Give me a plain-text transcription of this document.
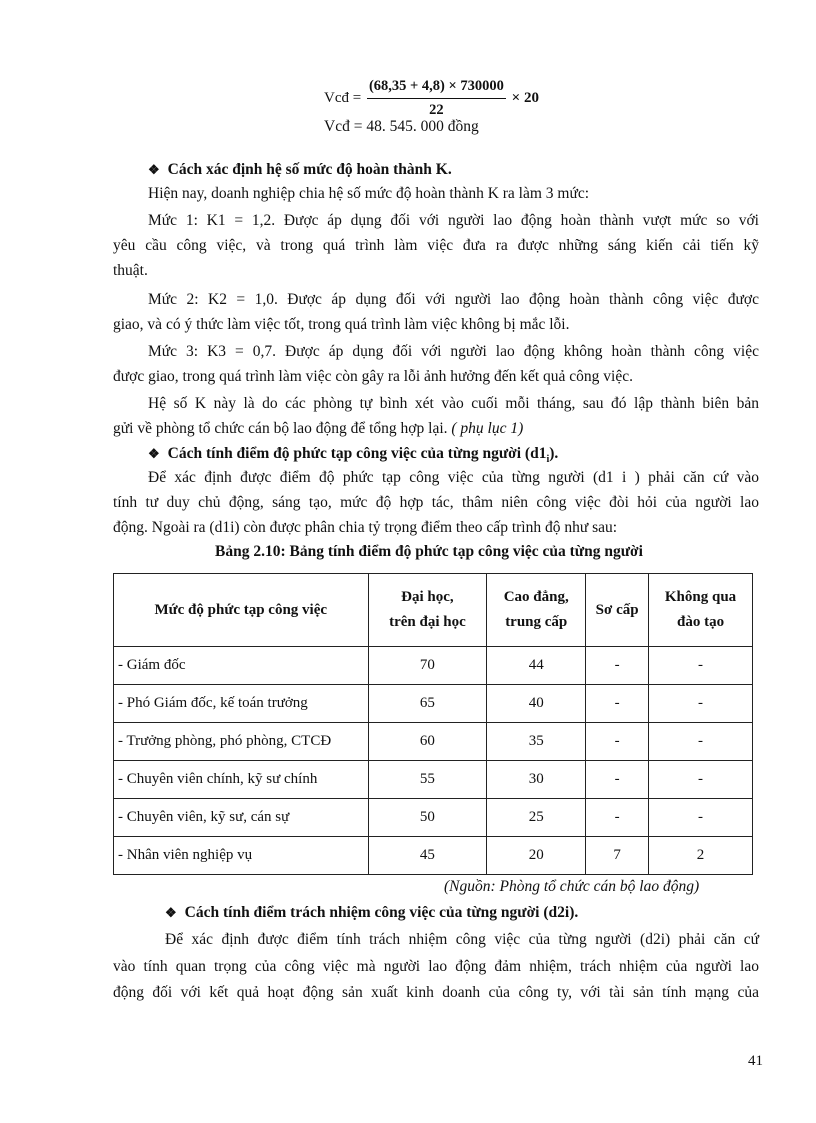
Vcđ = $\frac{(68,35 + 4,8) \times 730000}{22} \times 20$
Vcđ = 48. 545. 000 đồng
❖ Cách xác định hệ số mức độ hoàn thành K.
Hiện nay, doanh nghiệp chia hệ số mức độ hoàn thành K ra làm 3 mức:
Mức 1: K1 = 1,2. Được áp dụng đối với người lao động hoàn thành vượt mức so với
yêu cầu công việc, và trong quá trình làm việc đưa ra được những sáng kiến cải tiến kỹ
thuật.
Mức 2: K2 = 1,0. Được áp dụng đối với người lao động hoàn thành công việc được
giao, và có ý thức làm việc tốt, trong quá trình làm việc không bị mắc lỗi.
Mức 3: K3 = 0,7. Được áp dụng đối với người lao động không hoàn thành công việc
được giao, trong quá trình làm việc còn gây ra lỗi ảnh hưởng đến kết quả công việc.
Hệ số K này là do các phòng tự bình xét vào cuối mỗi tháng, sau đó lập thành biên bản
gửi về phòng tổ chức cán bộ lao động để tổng hợp lại. ( phụ lục 1)
❖ Cách tính điểm độ phức tạp công việc của từng người $(d1_i)$.
Để xác định được điểm độ phức tạp công việc của từng người (d1 i ) phải căn cứ vào
tính tư duy chủ động, sáng tạo, mức độ hợp tác, thâm niên công việc đòi hỏi của người lao
động. Ngoài ra (d1i) còn được phân chia tỷ trọng điểm theo cấp trình độ như sau:
Bảng 2.10: Bảng tính điểm độ phức tạp công việc của từng người
Mức độ phức tạp công việc	Đại học,
trên đại học	Cao đẳng,
trung cấp	Sơ cấp	Không qua
đào tạo
- Giám đốc	70	44	-	-
- Phó Giám đốc, kế toán trưởng	65	40	-	-
- Trưởng phòng, phó phòng, CTCĐ	60	35	-	-
- Chuyên viên chính, kỹ sư chính	55	30	-	-
- Chuyên viên, kỹ sư, cán sự	50	25	-	-
- Nhân viên nghiệp vụ	45	20	7	2
(Nguồn: Phòng tổ chức cán bộ lao động)
❖ Cách tính điểm trách nhiệm công việc của từng người (d2i).
Để xác định được điểm tính trách nhiệm công việc của từng người (d2i) phải căn cứ
vào tính quan trọng của công việc mà người lao động đảm nhiệm, trách nhiệm của người lao
động đối với kết quả hoạt động sản xuất kinh doanh của công ty, với tài sản tính mạng của
41
